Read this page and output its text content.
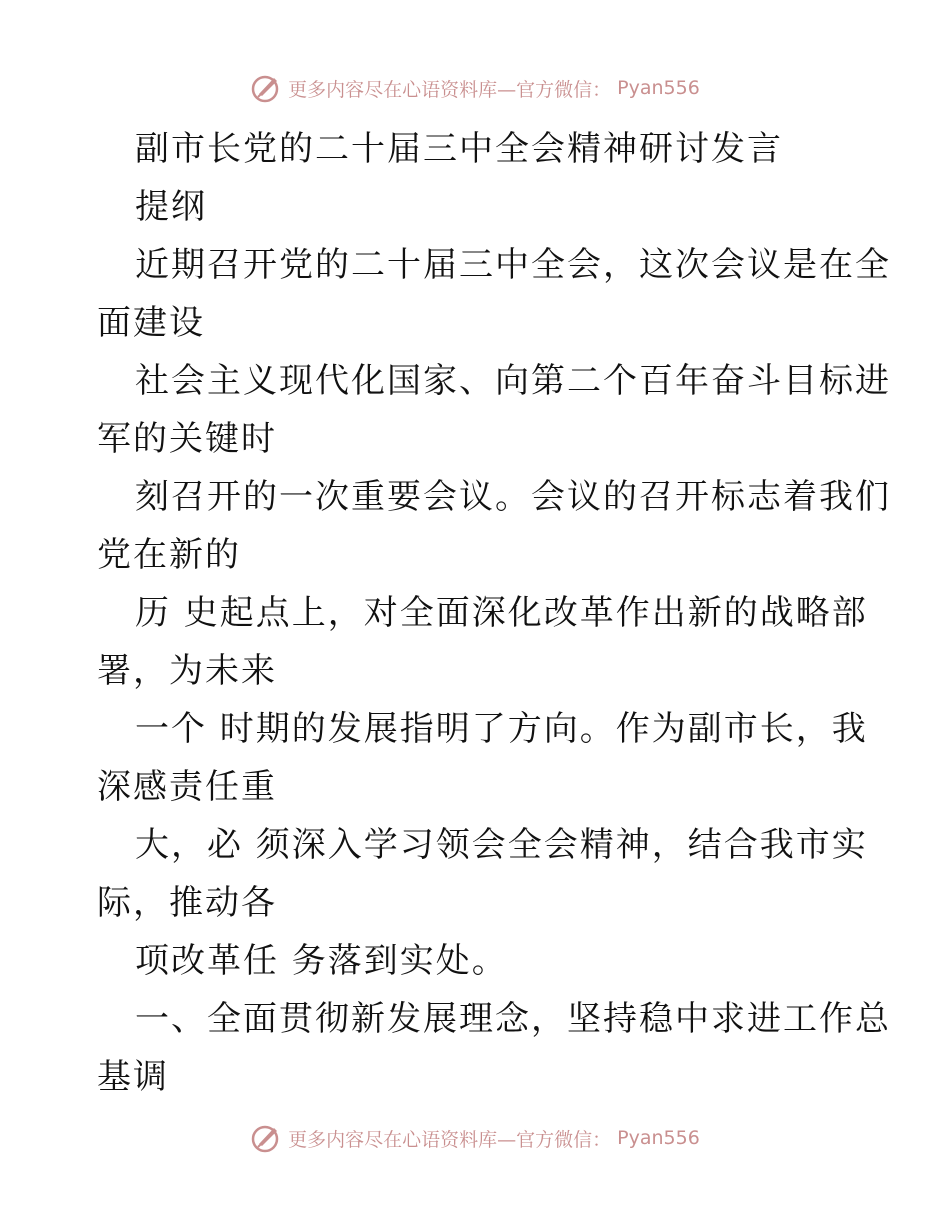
更多内容尽在心语资料库—官方微信： Pyan556
副市长党的二十届三中全会精神研讨发言
提纲
近期召开党的二十届三中全会，这次会议是在全
面建设
社会主义现代化国家、向第二个百年奋斗目标进
军的关键时
刻召开的一次重要会议。会议的召开标志着我们
党在新的
历 史起点上，对全面深化改革作出新的战略部
署，为未来
一个 时期的发展指明了方向。作为副市长，我
深感责任重
大，必 须深入学习领会全会精神，结合我市实
际，推动各
项改革任 务落到实处。
一、全面贯彻新发展理念，坚持稳中求进工作总
基调
更多内容尽在心语资料库—官方微信： Pyan556
